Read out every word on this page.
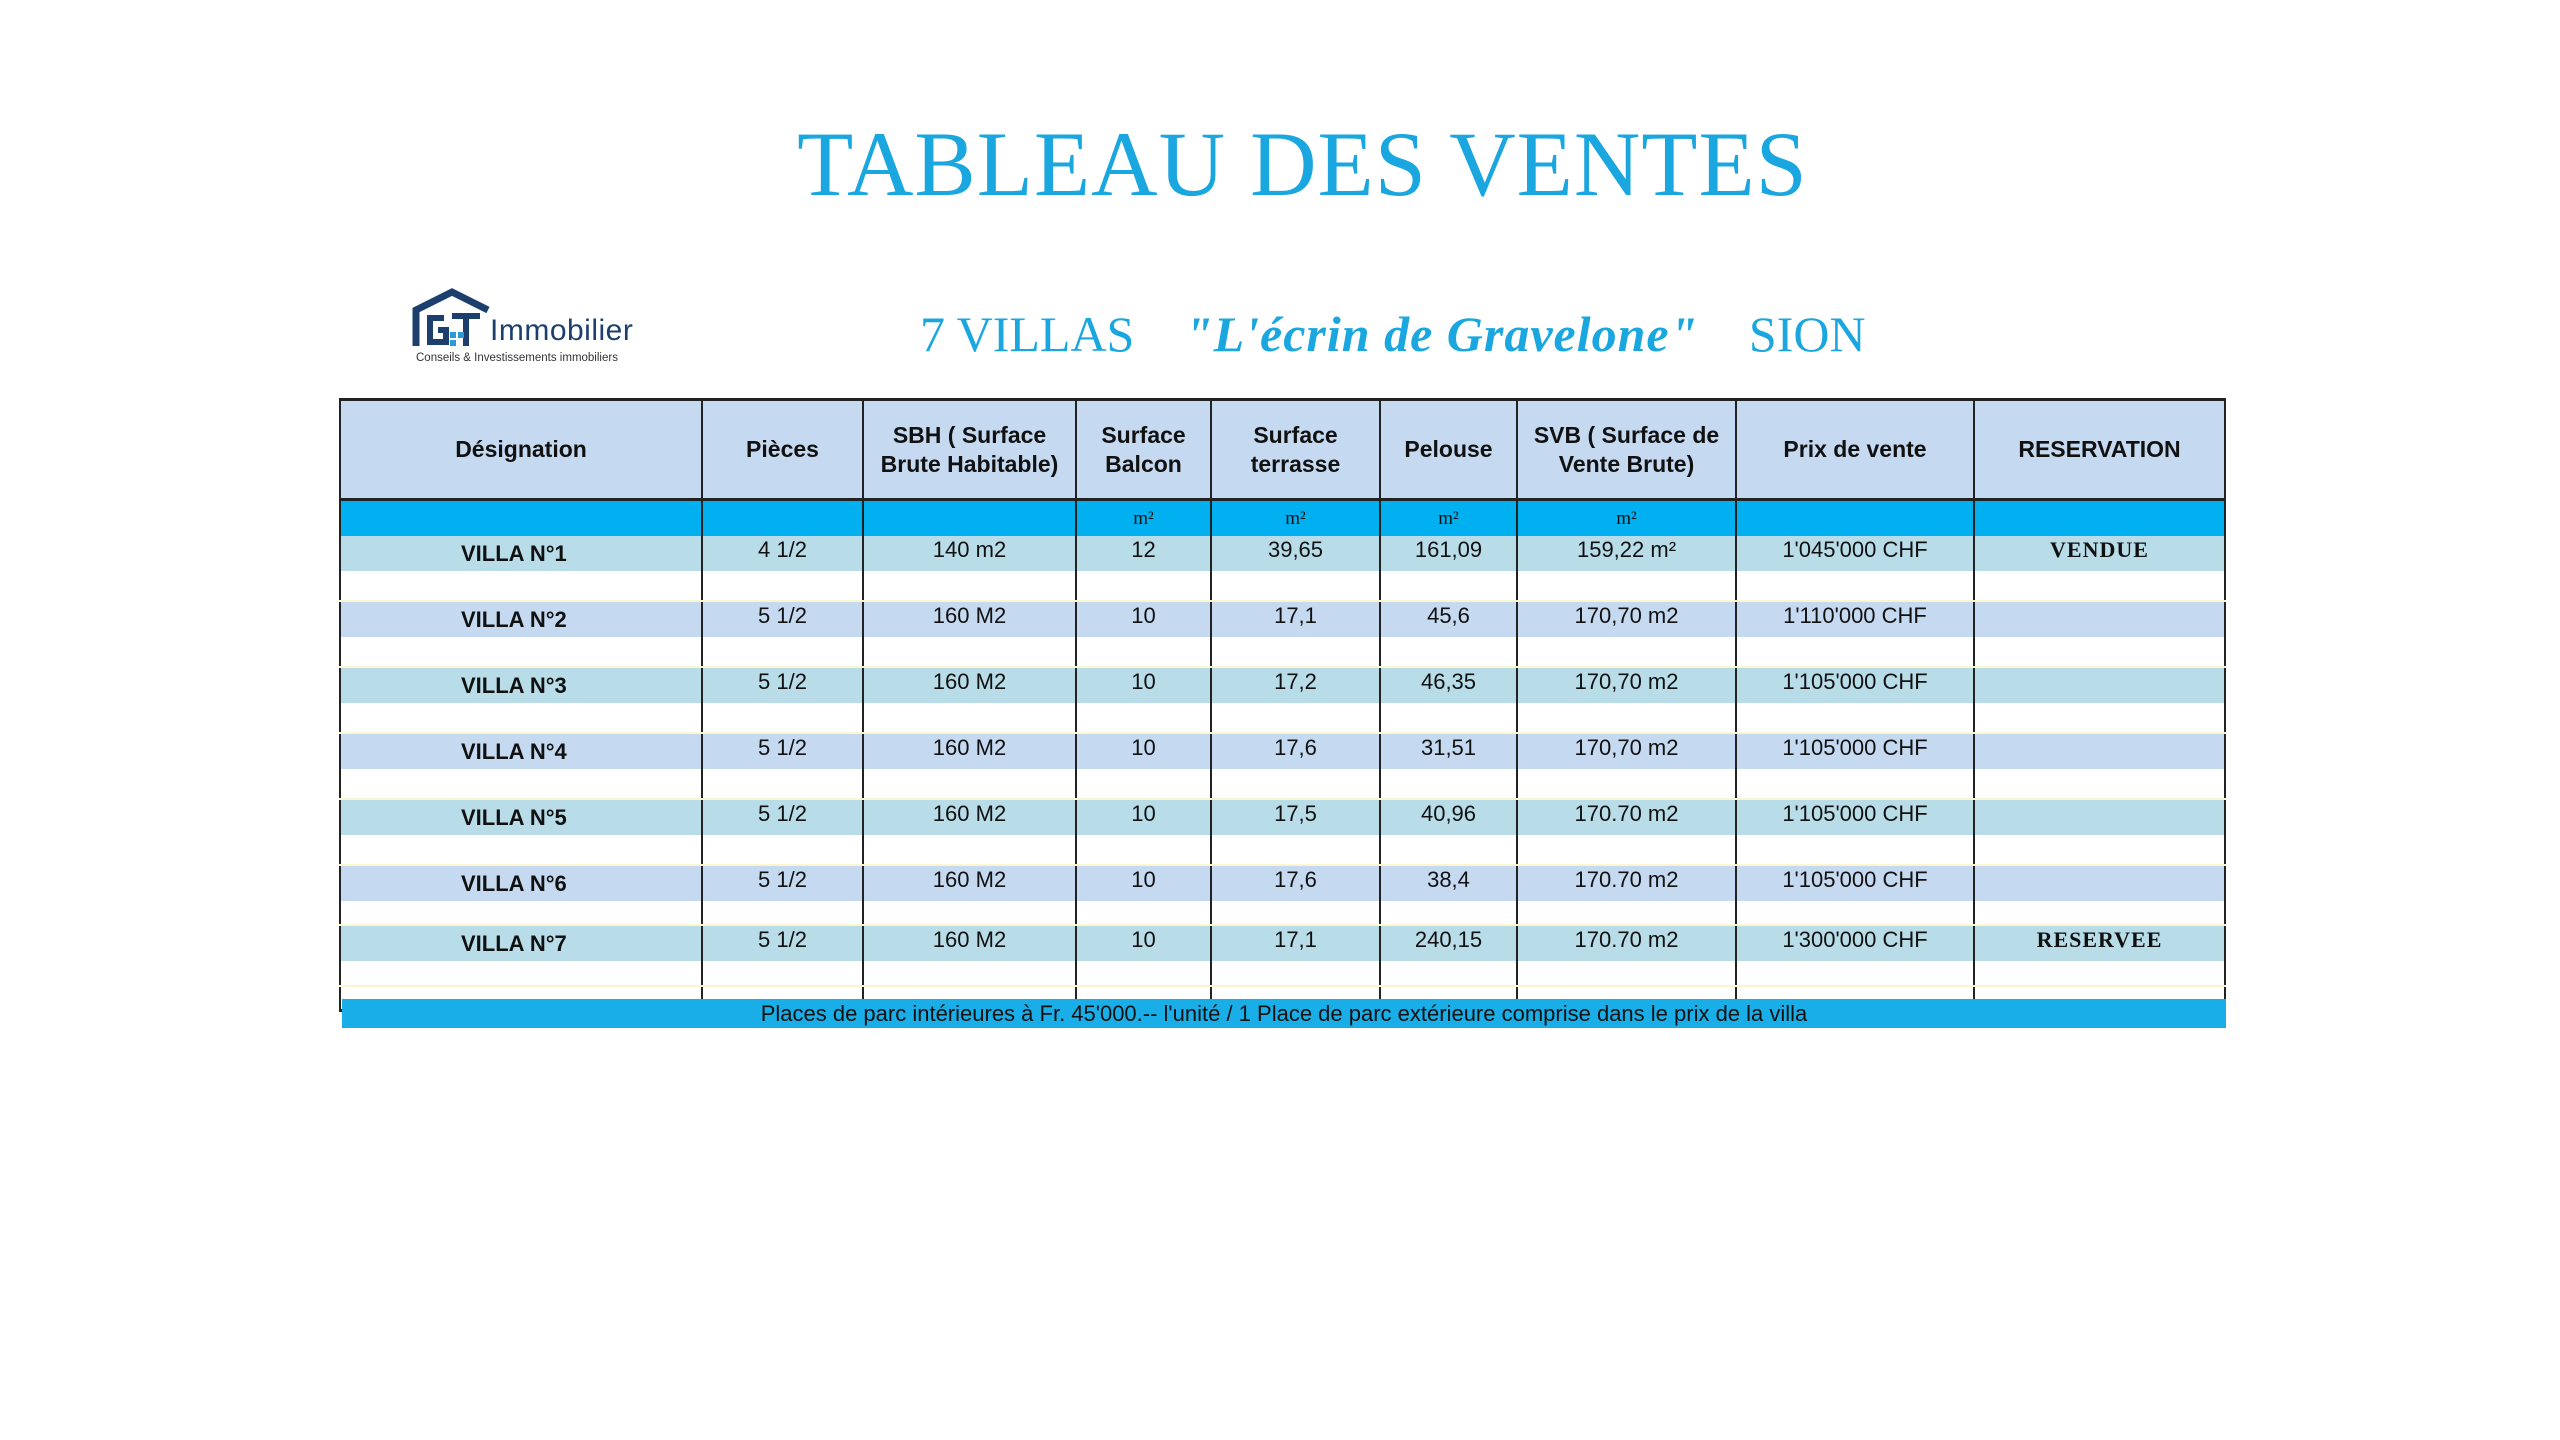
TABLEAU DES VENTES
Immobilier
Conseils & Investissements immobiliers	7 VILLAS "L'écrin de Gravelone" SION
Désignation	Pièces	SBH ( Surface Brute Habitable)	Surface Balcon	Surface terrasse	Pelouse	SVB ( Surface de Vente Brute)	Prix de vente	RESERVATION
			m²	m²	m²	m²		
VILLA N°1	4 1/2	140 m2	12	39,65	161,09	159,22 m²	1'045'000 CHF	VENDUE

VILLA N°2	5 1/2	160 M2	10	17,1	45,6	170,70 m2	1'110'000 CHF	

VILLA N°3	5 1/2	160 M2	10	17,2	46,35	170,70 m2	1'105'000 CHF	

VILLA N°4	5 1/2	160 M2	10	17,6	31,51	170,70 m2	1'105'000 CHF	

VILLA N°5	5 1/2	160 M2	10	17,5	40,96	170.70 m2	1'105'000 CHF	

VILLA N°6	5 1/2	160 M2	10	17,6	38,4	170.70 m2	1'105'000 CHF	

VILLA N°7	5 1/2	160 M2	10	17,1	240,15	170.70 m2	1'300'000 CHF	RESERVEE

Places de parc intérieures à Fr. 45'000.-- l'unité / 1 Place de parc extérieure comprise dans le prix de la villa
